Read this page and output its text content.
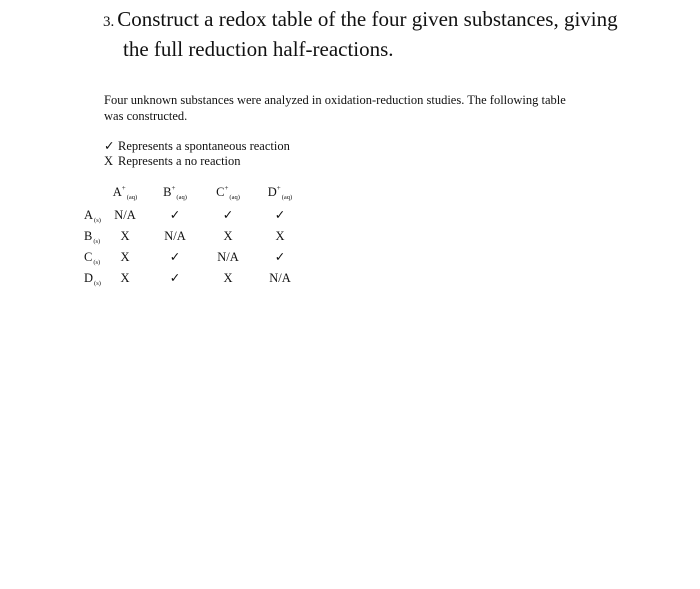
3. Construct a redox table of the four given substances, giving
the full reduction half-reactions.
Four unknown substances were analyzed in oxidation-reduction studies. The following table
was constructed.
✓ Represents a spontaneous reaction
X Represents a no reaction
$A^+_{(aq)}$ $B^+_{(aq)}$ $C^+_{(aq)}$ $D^+_{(aq)}$
$A_{(s)}$ N/A	✓	✓	✓
$B_{(s)}$ X	N/A	X	X
$C_{(s)}$ X	✓	N/A	✓
$D_{(s)}$ X	✓	X	N/A
